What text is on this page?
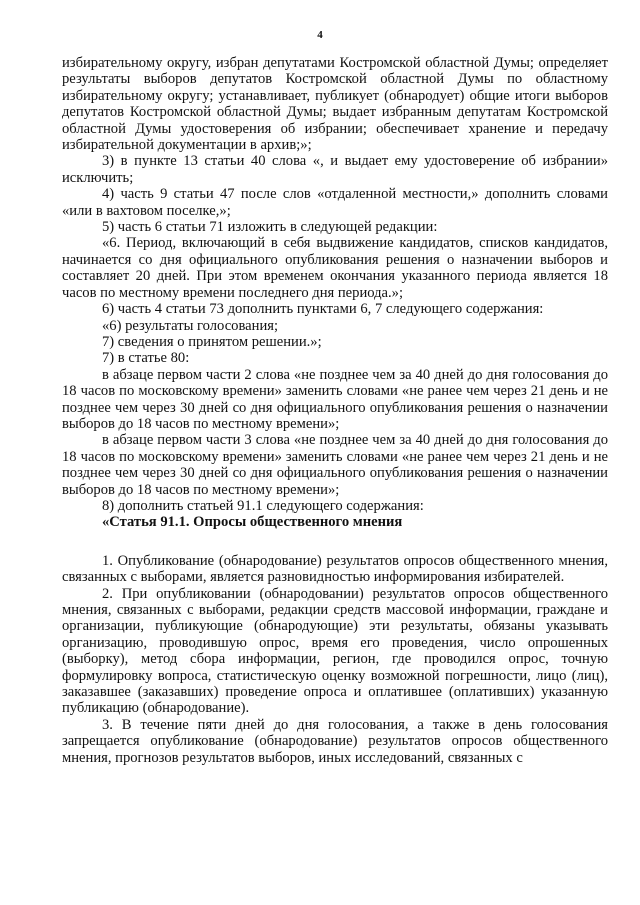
4

избирательному округу, избран депутатами Костромской областной Думы; определяет результаты выборов депутатов Костромской областной Думы по областному избирательному округу; устанавливает, публикует (обнародует) общие итоги выборов депутатов Костромской областной Думы; выдает избранным депутатам Костромской областной Думы удостоверения об избрании; обеспечивает хранение и передачу избирательной документации в архив;»;

3) в пункте 13 статьи 40 слова «, и выдает ему удостоверение об избрании» исключить;

4) часть 9 статьи 47 после слов «отдаленной местности,» дополнить словами «или в вахтовом поселке,»;

5) часть 6 статьи 71 изложить в следующей редакции:

«6. Период, включающий в себя выдвижение кандидатов, списков кандидатов, начинается со дня официального опубликования решения о назначении выборов и составляет 20 дней. При этом временем окончания указанного периода является 18 часов по местному времени последнего дня периода.»;

6) часть 4 статьи 73 дополнить пунктами 6, 7 следующего содержания:

«6) результаты голосования;

7) сведения о принятом решении.»;

7) в статье 80:

в абзаце первом части 2 слова «не позднее чем за 40 дней до дня голосования до 18 часов по московскому времени» заменить словами «не ранее чем через 21 день и не позднее чем через 30 дней со дня официального опубликования решения о назначении выборов до 18 часов по местному времени»;

в абзаце первом части 3 слова «не позднее чем за 40 дней до дня голосования до 18 часов по московскому времени» заменить словами «не ранее чем через 21 день и не позднее чем через 30 дней со дня официального опубликования решения о назначении выборов до 18 часов по местному времени»;

8) дополнить статьей 91.1 следующего содержания:

«Статья 91.1. Опросы общественного мнения

1. Опубликование (обнародование) результатов опросов общественного мнения, связанных с выборами, является разновидностью информирования избирателей.

2. При опубликовании (обнародовании) результатов опросов общественного мнения, связанных с выборами, редакции средств массовой информации, граждане и организации, публикующие (обнародующие) эти результаты, обязаны указывать организацию, проводившую опрос, время его проведения, число опрошенных (выборку), метод сбора информации, регион, где проводился опрос, точную формулировку вопроса, статистическую оценку возможной погрешности, лицо (лиц), заказавшее (заказавших) проведение опроса и оплатившее (оплативших) указанную публикацию (обнародование).

3. В течение пяти дней до дня голосования, а также в день голосования запрещается опубликование (обнародование) результатов опросов общественного мнения, прогнозов результатов выборов, иных исследований, связанных с
